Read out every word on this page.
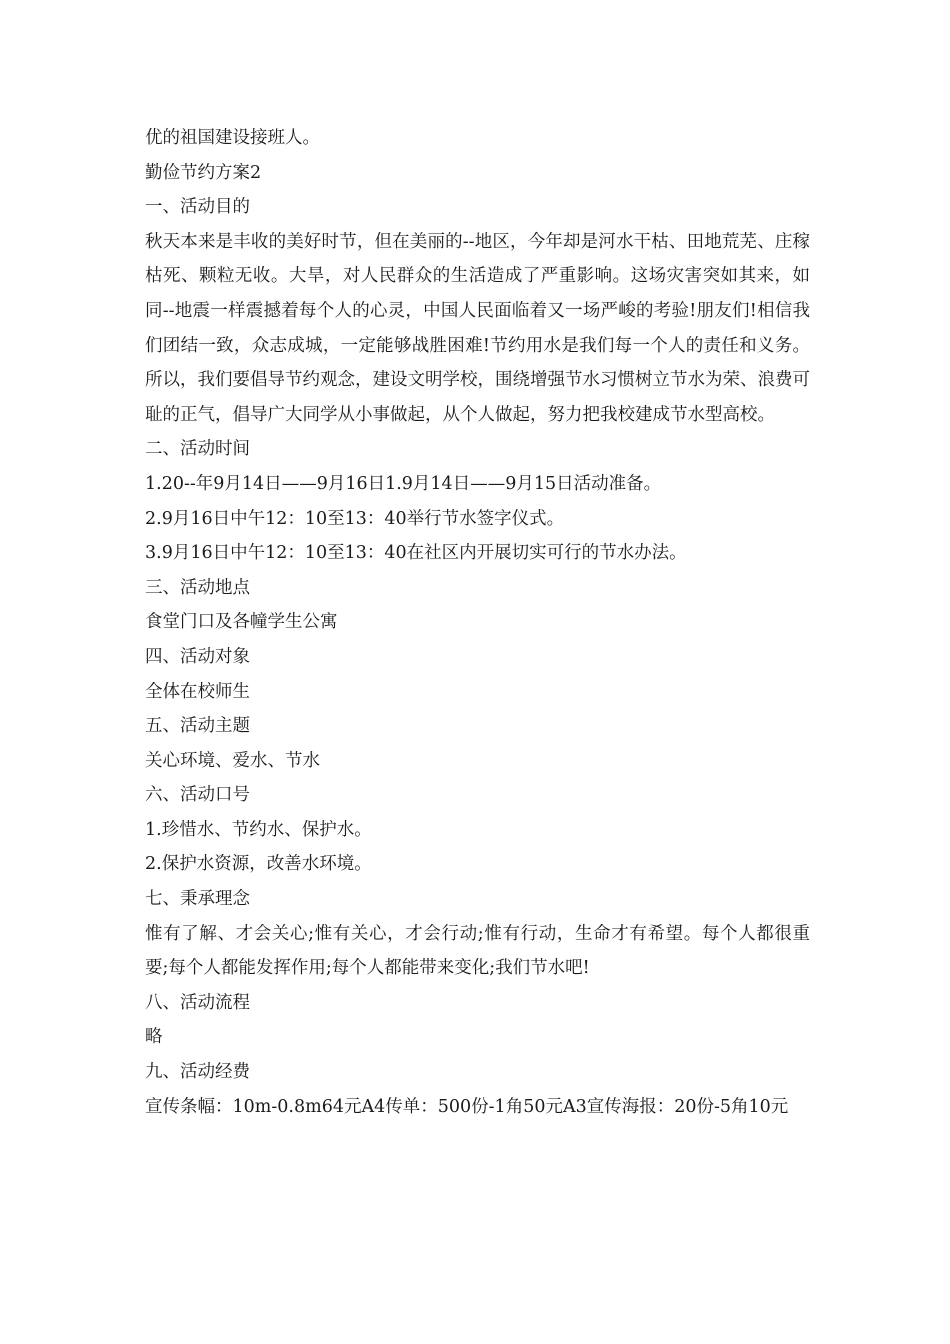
优的祖国建设接班人。

勤俭节约方案2

一、活动目的

秋天本来是丰收的美好时节，但在美丽的--地区，今年却是河水干枯、田地荒芜、庄稼枯死、颗粒无收。大旱，对人民群众的生活造成了严重影响。这场灾害突如其来，如同--地震一样震撼着每个人的心灵，中国人民面临着又一场严峻的考验!朋友们!相信我们团结一致，众志成城，一定能够战胜困难!节约用水是我们每一个人的责任和义务。所以，我们要倡导节约观念，建设文明学校，围绕增强节水习惯树立节水为荣、浪费可耻的正气，倡导广大同学从小事做起，从个人做起，努力把我校建成节水型高校。

二、活动时间

1.20--年9月14日——9月16日1.9月14日——9月15日活动准备。

2.9月16日中午12：10至13：40举行节水签字仪式。

3.9月16日中午12：10至13：40在社区内开展切实可行的节水办法。

三、活动地点

食堂门口及各幢学生公寓

四、活动对象

全体在校师生

五、活动主题

关心环境、爱水、节水

六、活动口号

1.珍惜水、节约水、保护水。

2.保护水资源，改善水环境。

七、秉承理念

惟有了解、才会关心;惟有关心，才会行动;惟有行动，生命才有希望。每个人都很重要;每个人都能发挥作用;每个人都能带来变化;我们节水吧!

八、活动流程

略

九、活动经费

宣传条幅：10m-0.8m64元A4传单：500份-1角50元A3宣传海报：20份-5角10元
